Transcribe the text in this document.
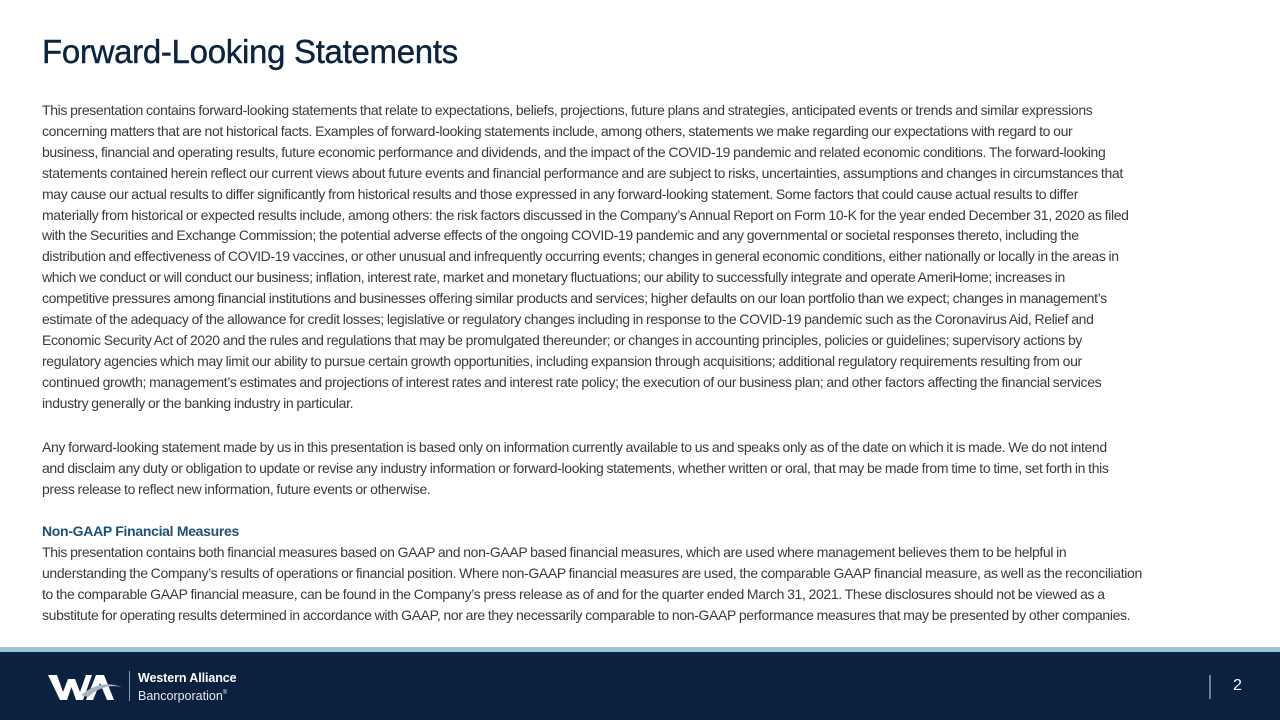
Forward-Looking Statements
This presentation contains forward-looking statements that relate to expectations, beliefs, projections, future plans and strategies, anticipated events or trends and similar expressions
concerning matters that are not historical facts. Examples of forward-looking statements include, among others, statements we make regarding our expectations with regard to our
business, financial and operating results, future economic performance and dividends, and the impact of the COVID-19 pandemic and related economic conditions. The forward-looking
statements contained herein reflect our current views about future events and financial performance and are subject to risks, uncertainties, assumptions and changes in circumstances that
may cause our actual results to differ significantly from historical results and those expressed in any forward-looking statement. Some factors that could cause actual results to differ
materially from historical or expected results include, among others: the risk factors discussed in the Company’s Annual Report on Form 10-K for the year ended December 31, 2020 as filed
with the Securities and Exchange Commission; the potential adverse effects of the ongoing COVID-19 pandemic and any governmental or societal responses thereto, including the
distribution and effectiveness of COVID-19 vaccines, or other unusual and infrequently occurring events; changes in general economic conditions, either nationally or locally in the areas in
which we conduct or will conduct our business; inflation, interest rate, market and monetary fluctuations; our ability to successfully integrate and operate AmeriHome; increases in
competitive pressures among financial institutions and businesses offering similar products and services; higher defaults on our loan portfolio than we expect; changes in management’s
estimate of the adequacy of the allowance for credit losses; legislative or regulatory changes including in response to the COVID-19 pandemic such as the Coronavirus Aid, Relief and
Economic Security Act of 2020 and the rules and regulations that may be promulgated thereunder; or changes in accounting principles, policies or guidelines; supervisory actions by
regulatory agencies which may limit our ability to pursue certain growth opportunities, including expansion through acquisitions; additional regulatory requirements resulting from our
continued growth; management’s estimates and projections of interest rates and interest rate policy; the execution of our business plan; and other factors affecting the financial services
industry generally or the banking industry in particular.
Any forward-looking statement made by us in this presentation is based only on information currently available to us and speaks only as of the date on which it is made. We do not intend
and disclaim any duty or obligation to update or revise any industry information or forward-looking statements, whether written or oral, that may be made from time to time, set forth in this
press release to reflect new information, future events or otherwise.
Non-GAAP Financial Measures
This presentation contains both financial measures based on GAAP and non-GAAP based financial measures, which are used where management believes them to be helpful in
understanding the Company’s results of operations or financial position. Where non-GAAP financial measures are used, the comparable GAAP financial measure, as well as the reconciliation
to the comparable GAAP financial measure, can be found in the Company’s press release as of and for the quarter ended March 31, 2021. These disclosures should not be viewed as a
substitute for operating results determined in accordance with GAAP, nor are they necessarily comparable to non-GAAP performance measures that may be presented by other companies.
Western Alliance
Bancorporation®	2
